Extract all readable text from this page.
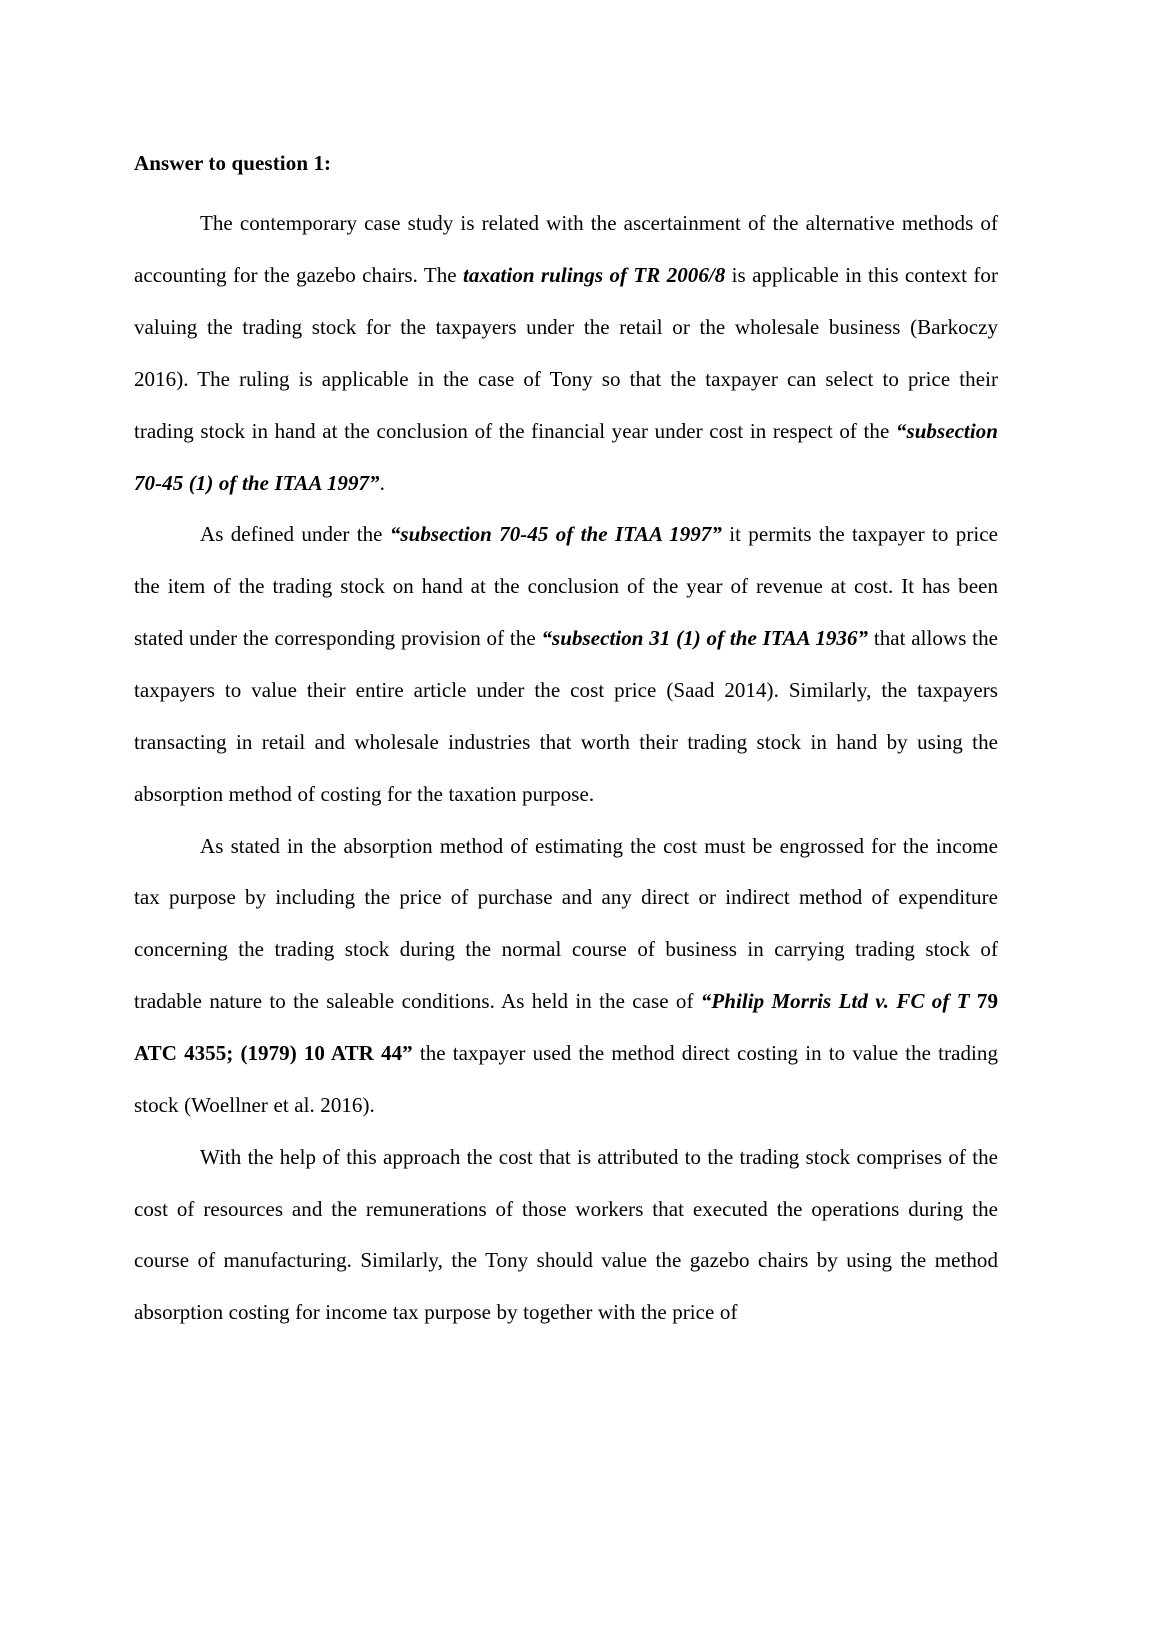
Answer to question 1:

The contemporary case study is related with the ascertainment of the alternative methods of accounting for the gazebo chairs. The taxation rulings of TR 2006/8 is applicable in this context for valuing the trading stock for the taxpayers under the retail or the wholesale business (Barkoczy 2016). The ruling is applicable in the case of Tony so that the taxpayer can select to price their trading stock in hand at the conclusion of the financial year under cost in respect of the “subsection 70-45 (1) of the ITAA 1997”.

As defined under the “subsection 70-45 of the ITAA 1997” it permits the taxpayer to price the item of the trading stock on hand at the conclusion of the year of revenue at cost. It has been stated under the corresponding provision of the “subsection 31 (1) of the ITAA 1936” that allows the taxpayers to value their entire article under the cost price (Saad 2014). Similarly, the taxpayers transacting in retail and wholesale industries that worth their trading stock in hand by using the absorption method of costing for the taxation purpose.

As stated in the absorption method of estimating the cost must be engrossed for the income tax purpose by including the price of purchase and any direct or indirect method of expenditure concerning the trading stock during the normal course of business in carrying trading stock of tradable nature to the saleable conditions. As held in the case of “Philip Morris Ltd v. FC of T 79 ATC 4355; (1979) 10 ATR 44” the taxpayer used the method direct costing in to value the trading stock (Woellner et al. 2016).

With the help of this approach the cost that is attributed to the trading stock comprises of the cost of resources and the remunerations of those workers that executed the operations during the course of manufacturing. Similarly, the Tony should value the gazebo chairs by using the method absorption costing for income tax purpose by together with the price of
